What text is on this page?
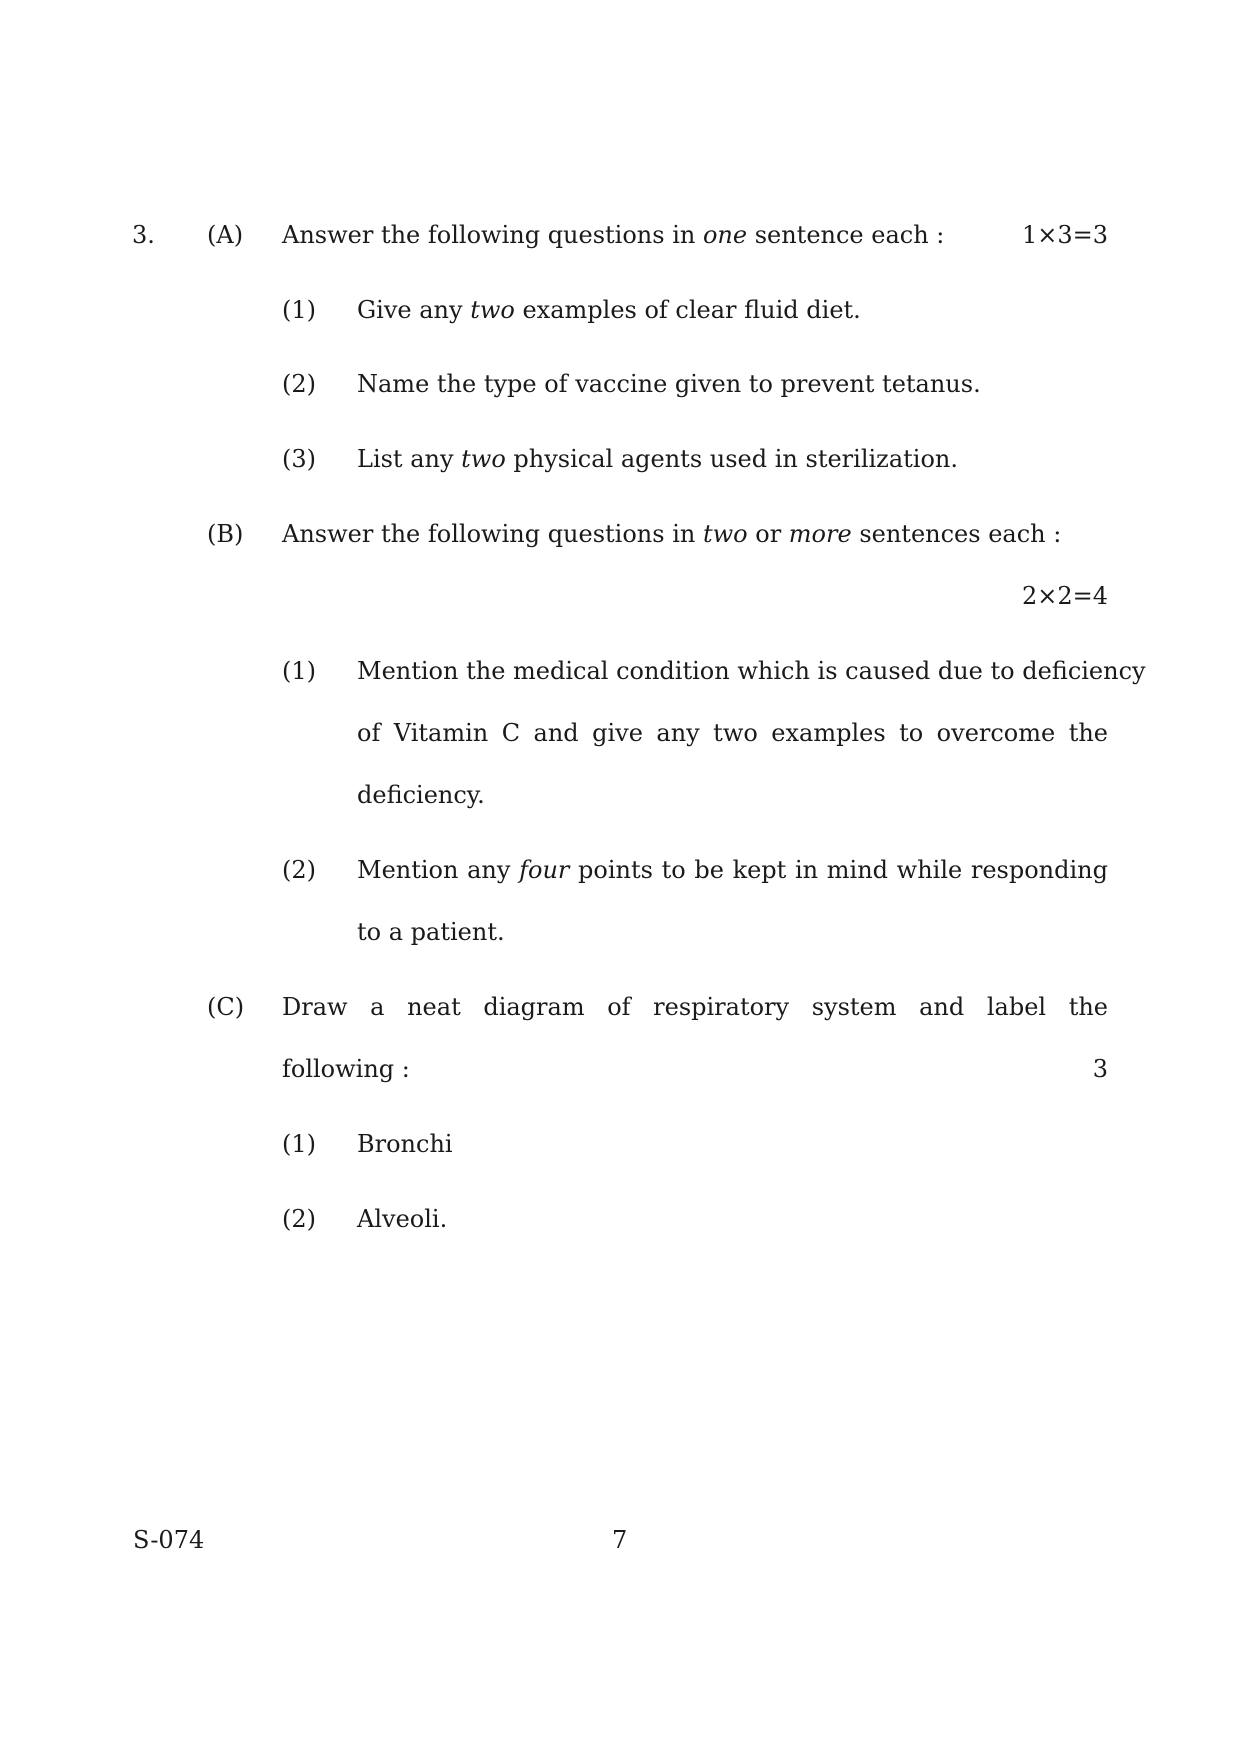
3. (A) Answer the following questions in one sentence each :	1×3=3
(1) Give any two examples of clear fluid diet.
(2) Name the type of vaccine given to prevent tetanus.
(3) List any two physical agents used in sterilization.
(B) Answer the following questions in two or more sentences each :
2×2=4
(1) Mention the medical condition which is caused due to deficiency
of Vitamin C and give any two examples to overcome the
deficiency.
(2) Mention any four points to be kept in mind while responding
to a patient.
(C) Draw a neat diagram of respiratory system and label the
following :	3
(1) Bronchi
(2) Alveoli.
S-074	7
